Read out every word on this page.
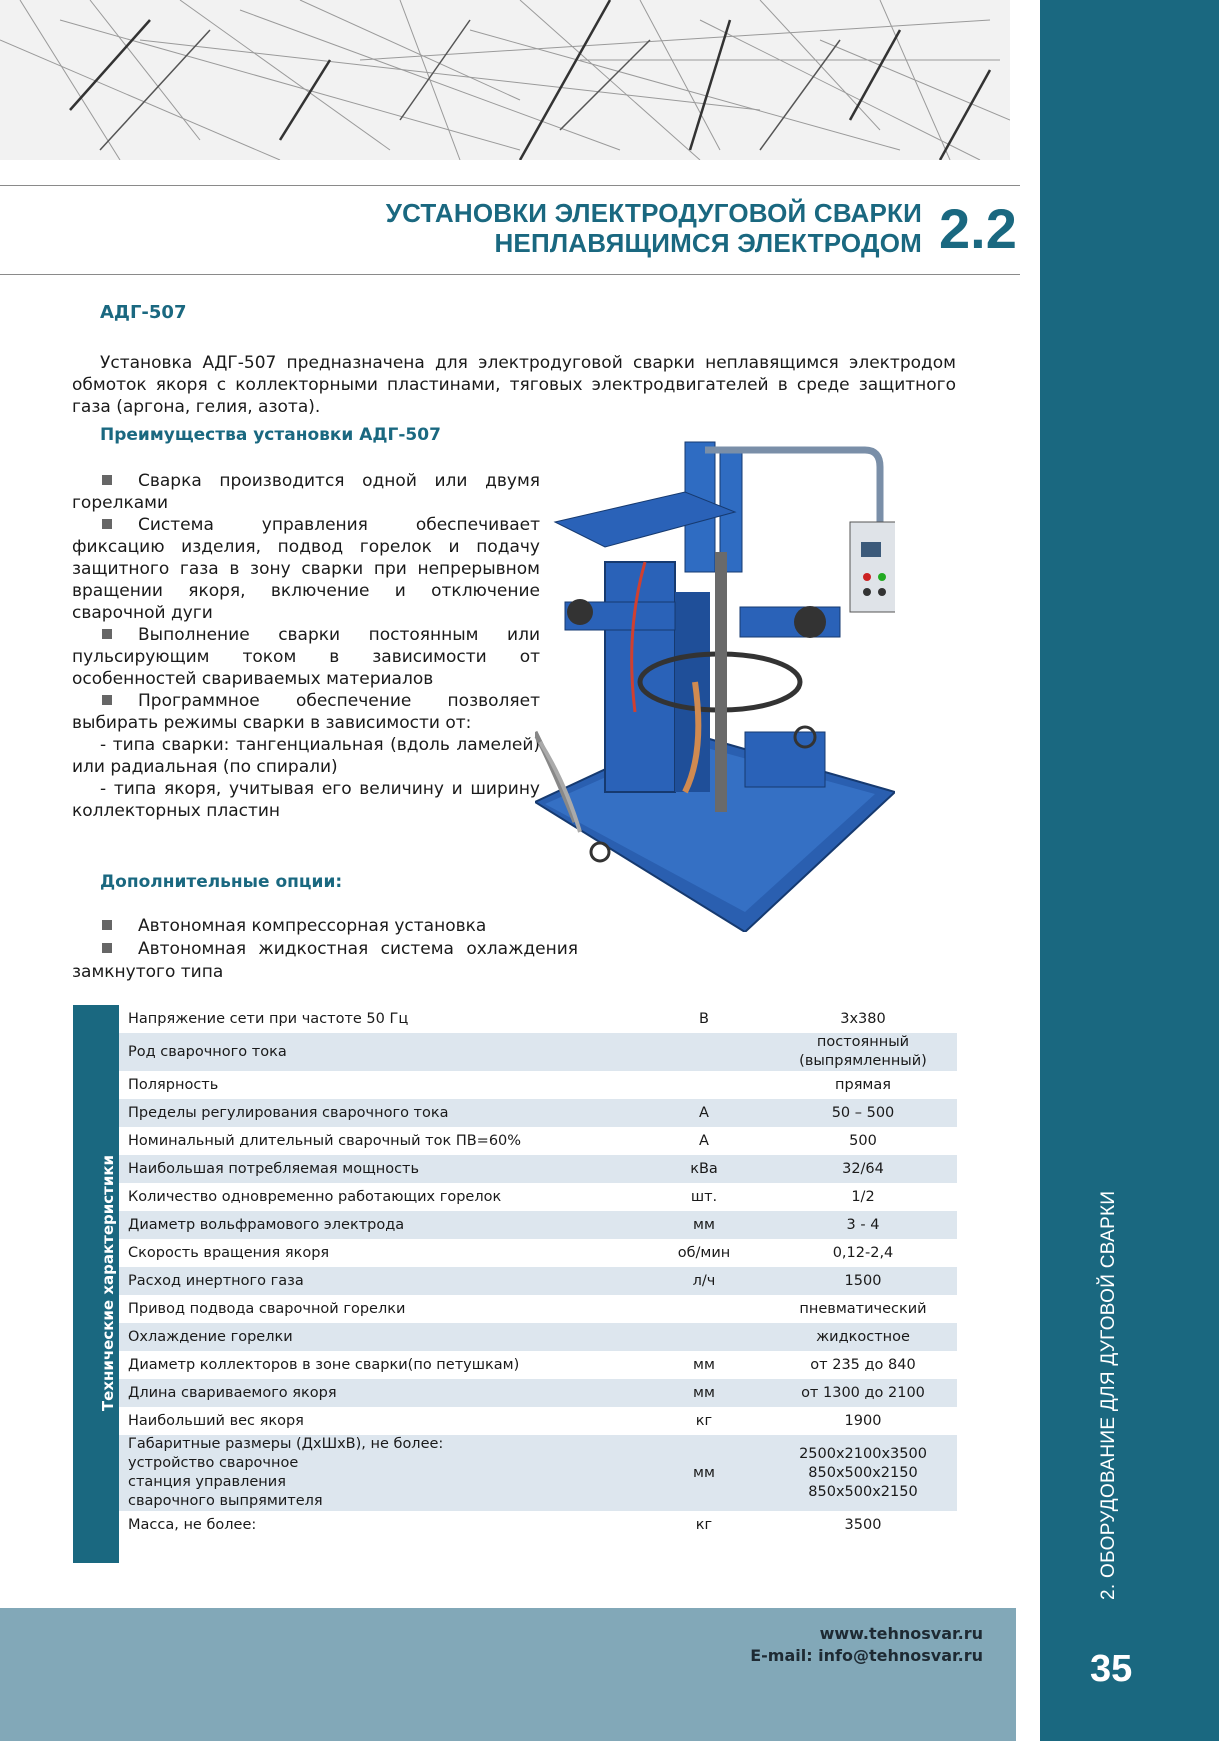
УСТАНОВКИ ЭЛЕКТРОДУГОВОЙ СВАРКИ
НЕПЛАВЯЩИМСЯ ЭЛЕКТРОДОМ 2.2
2. ОБОРУДОВАНИЕ ДЛЯ ДУГОВОЙ СВАРКИ
35
АДГ-507
Установка АДГ-507 предназначена для электродуговой сварки неплавящимся электродом обмоток якоря с коллекторными пластинами, тяговых электродвигателей в среде защитного газа (аргона, гелия, азота).
Преимущества установки АДГ-507

Сварка производится одной или двумя горелками

Система управления обеспечивает фиксацию изделия, подвод горелок и подачу защитного газа в зону сварки при непрерывном вращении якоря, включение и отключение сварочной дуги

Выполнение сварки постоянным или пульсирующим током в зависимости от особенностей свариваемых материалов

Программное обеспечение позволяет выбирать режимы сварки в зависимости от:

- типа сварки: тангенциальная (вдоль ламелей) или радиальная (по спирали)

- типа якоря, учитывая его величину и ширину коллекторных пластин

Дополнительные опции:

Автономная компрессорная установка

Автономная жидкостная система охлаждения замкнутого типа

Технические характеристики
Напряжение сети при частоте 50 Гц	В	3х380
Род сварочного тока		постоянный
(выпрямленный)
Полярность		прямая
Пределы регулирования сварочного тока	А	50 – 500
Номинальный длительный сварочный ток ПВ=60%	А	500
Наибольшая потребляемая мощность	кВа	32/64
Количество одновременно работающих горелок	шт.	1/2
Диаметр вольфрамового электрода	мм	3 - 4
Скорость вращения якоря	об/мин	0,12-2,4
Расход инертного газа	л/ч	1500
Привод подвода сварочной горелки		пневматический
Охлаждение горелки		жидкостное
Диаметр коллекторов в зоне сварки(по петушкам)	мм	от 235 до 840
Длина свариваемого якоря	мм	от 1300 до 2100
Наибольший вес якоря	кг	1900
Габаритные размеры (ДхШхВ), не более:
устройство сварочное
станция управления
сварочного выпрямителя	мм	2500х2100х3500
850х500х2150
850х500х2150
Масса, не более:	кг	3500
www.tehnosvar.ru
E-mail: info@tehnosvar.ru
